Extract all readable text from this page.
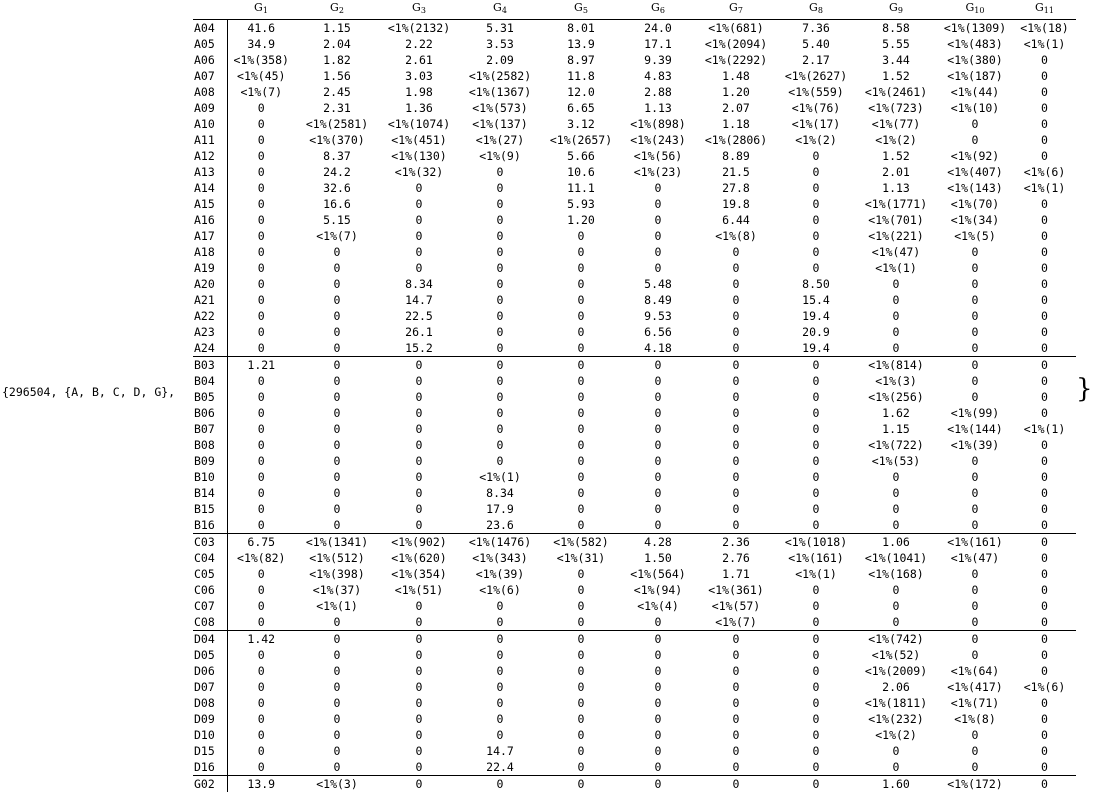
{296504, {A, B, C, D, G},
	$G_1$	$G_2$	$G_3$	$G_4$	$G_5$	$G_6$	$G_7$	$G_8$	$G_9$	$G_{10}$	$G_{11}$
A04	41.6	1.15	<1%(2132)	5.31	8.01	24.0	<1%(681)	7.36	8.58	<1%(1309)	<1%(18)
A05	34.9	2.04	2.22	3.53	13.9	17.1	<1%(2094)	5.40	5.55	<1%(483)	<1%(1)
A06	<1%(358)	1.82	2.61	2.09	8.97	9.39	<1%(2292)	2.17	3.44	<1%(380)	0
A07	<1%(45)	1.56	3.03	<1%(2582)	11.8	4.83	1.48	<1%(2627)	1.52	<1%(187)	0
A08	<1%(7)	2.45	1.98	<1%(1367)	12.0	2.88	1.20	<1%(559)	<1%(2461)	<1%(44)	0
A09	0	2.31	1.36	<1%(573)	6.65	1.13	2.07	<1%(76)	<1%(723)	<1%(10)	0
A10	0	<1%(2581)	<1%(1074)	<1%(137)	3.12	<1%(898)	1.18	<1%(17)	<1%(77)	0	0
A11	0	<1%(370)	<1%(451)	<1%(27)	<1%(2657)	<1%(243)	<1%(2806)	<1%(2)	<1%(2)	0	0
A12	0	8.37	<1%(130)	<1%(9)	5.66	<1%(56)	8.89	0	1.52	<1%(92)	0
A13	0	24.2	<1%(32)	0	10.6	<1%(23)	21.5	0	2.01	<1%(407)	<1%(6)
A14	0	32.6	0	0	11.1	0	27.8	0	1.13	<1%(143)	<1%(1)
A15	0	16.6	0	0	5.93	0	19.8	0	<1%(1771)	<1%(70)	0
A16	0	5.15	0	0	1.20	0	6.44	0	<1%(701)	<1%(34)	0
A17	0	<1%(7)	0	0	0	0	<1%(8)	0	<1%(221)	<1%(5)	0
A18	0	0	0	0	0	0	0	0	<1%(47)	0	0
A19	0	0	0	0	0	0	0	0	<1%(1)	0	0
A20	0	0	8.34	0	0	5.48	0	8.50	0	0	0
A21	0	0	14.7	0	0	8.49	0	15.4	0	0	0
A22	0	0	22.5	0	0	9.53	0	19.4	0	0	0
A23	0	0	26.1	0	0	6.56	0	20.9	0	0	0
A24	0	0	15.2	0	0	4.18	0	19.4	0	0	0
B03	1.21	0	0	0	0	0	0	0	<1%(814)	0	0
B04	0	0	0	0	0	0	0	0	<1%(3)	0	0
B05	0	0	0	0	0	0	0	0	<1%(256)	0	0
B06	0	0	0	0	0	0	0	0	1.62	<1%(99)	0
B07	0	0	0	0	0	0	0	0	1.15	<1%(144)	<1%(1)
B08	0	0	0	0	0	0	0	0	<1%(722)	<1%(39)	0
B09	0	0	0	0	0	0	0	0	<1%(53)	0	0
B10	0	0	0	<1%(1)	0	0	0	0	0	0	0
B14	0	0	0	8.34	0	0	0	0	0	0	0
B15	0	0	0	17.9	0	0	0	0	0	0	0
B16	0	0	0	23.6	0	0	0	0	0	0	0
C03	6.75	<1%(1341)	<1%(902)	<1%(1476)	<1%(582)	4.28	2.36	<1%(1018)	1.06	<1%(161)	0
C04	<1%(82)	<1%(512)	<1%(620)	<1%(343)	<1%(31)	1.50	2.76	<1%(161)	<1%(1041)	<1%(47)	0
C05	0	<1%(398)	<1%(354)	<1%(39)	0	<1%(564)	1.71	<1%(1)	<1%(168)	0	0
C06	0	<1%(37)	<1%(51)	<1%(6)	0	<1%(94)	<1%(361)	0	0	0	0
C07	0	<1%(1)	0	0	0	<1%(4)	<1%(57)	0	0	0	0
C08	0	0	0	0	0	0	<1%(7)	0	0	0	0
D04	1.42	0	0	0	0	0	0	0	<1%(742)	0	0
D05	0	0	0	0	0	0	0	0	<1%(52)	0	0
D06	0	0	0	0	0	0	0	0	<1%(2009)	<1%(64)	0
D07	0	0	0	0	0	0	0	0	2.06	<1%(417)	<1%(6)
D08	0	0	0	0	0	0	0	0	<1%(1811)	<1%(71)	0
D09	0	0	0	0	0	0	0	0	<1%(232)	<1%(8)	0
D10	0	0	0	0	0	0	0	0	<1%(2)	0	0
D15	0	0	0	14.7	0	0	0	0	0	0	0
D16	0	0	0	22.4	0	0	0	0	0	0	0
G02	13.9	<1%(3)	0	0	0	0	0	0	1.60	<1%(172)	0
}
